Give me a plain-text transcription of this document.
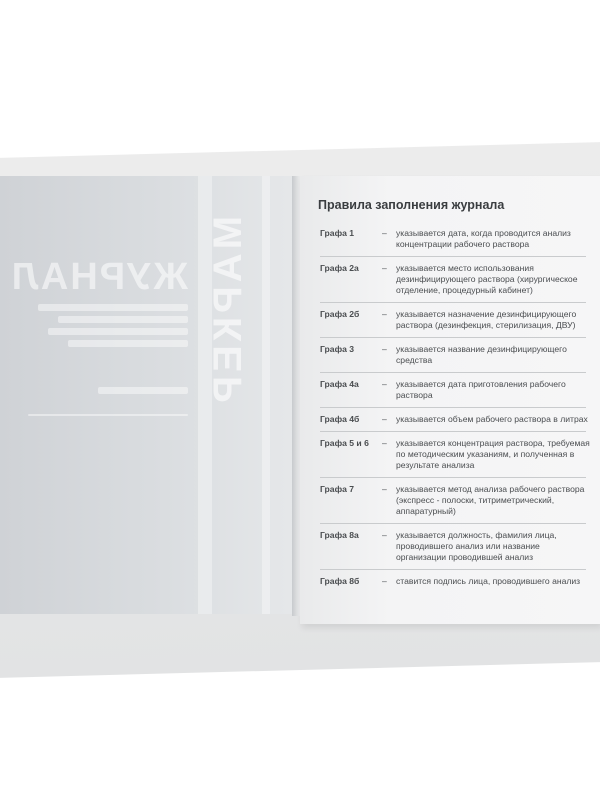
ЖУРНАЛ МАРКЕР
Правила заполнения журнала
Графа 1	–	указывается дата, когда проводится анализ концентрации рабочего раствора
Графа 2а	–	указывается место использования дезинфицирующего раствора (хирургическое отделение, процедурный кабинет)
Графа 2б	–	указывается назначение дезинфицирующего раствора (дезинфекция, стерилизация, ДВУ)
Графа 3	–	указывается название дезинфицирующего средства
Графа 4а	–	указывается дата приготовления рабочего раствора
Графа 4б	–	указывается объем рабочего раствора в литрах
Графа 5 и 6	–	указывается концентрация раствора, требуемая по методическим указаниям, и полученная в результате анализа
Графа 7	–	указывается метод анализа рабочего раствора (экспресс - полоски, титриметрический, аппаратурный)
Графа 8а	–	указывается должность, фамилия лица, проводившего анализ или название организации проводившей анализ
Графа 8б	–	ставится подпись лица, проводившего анализ
